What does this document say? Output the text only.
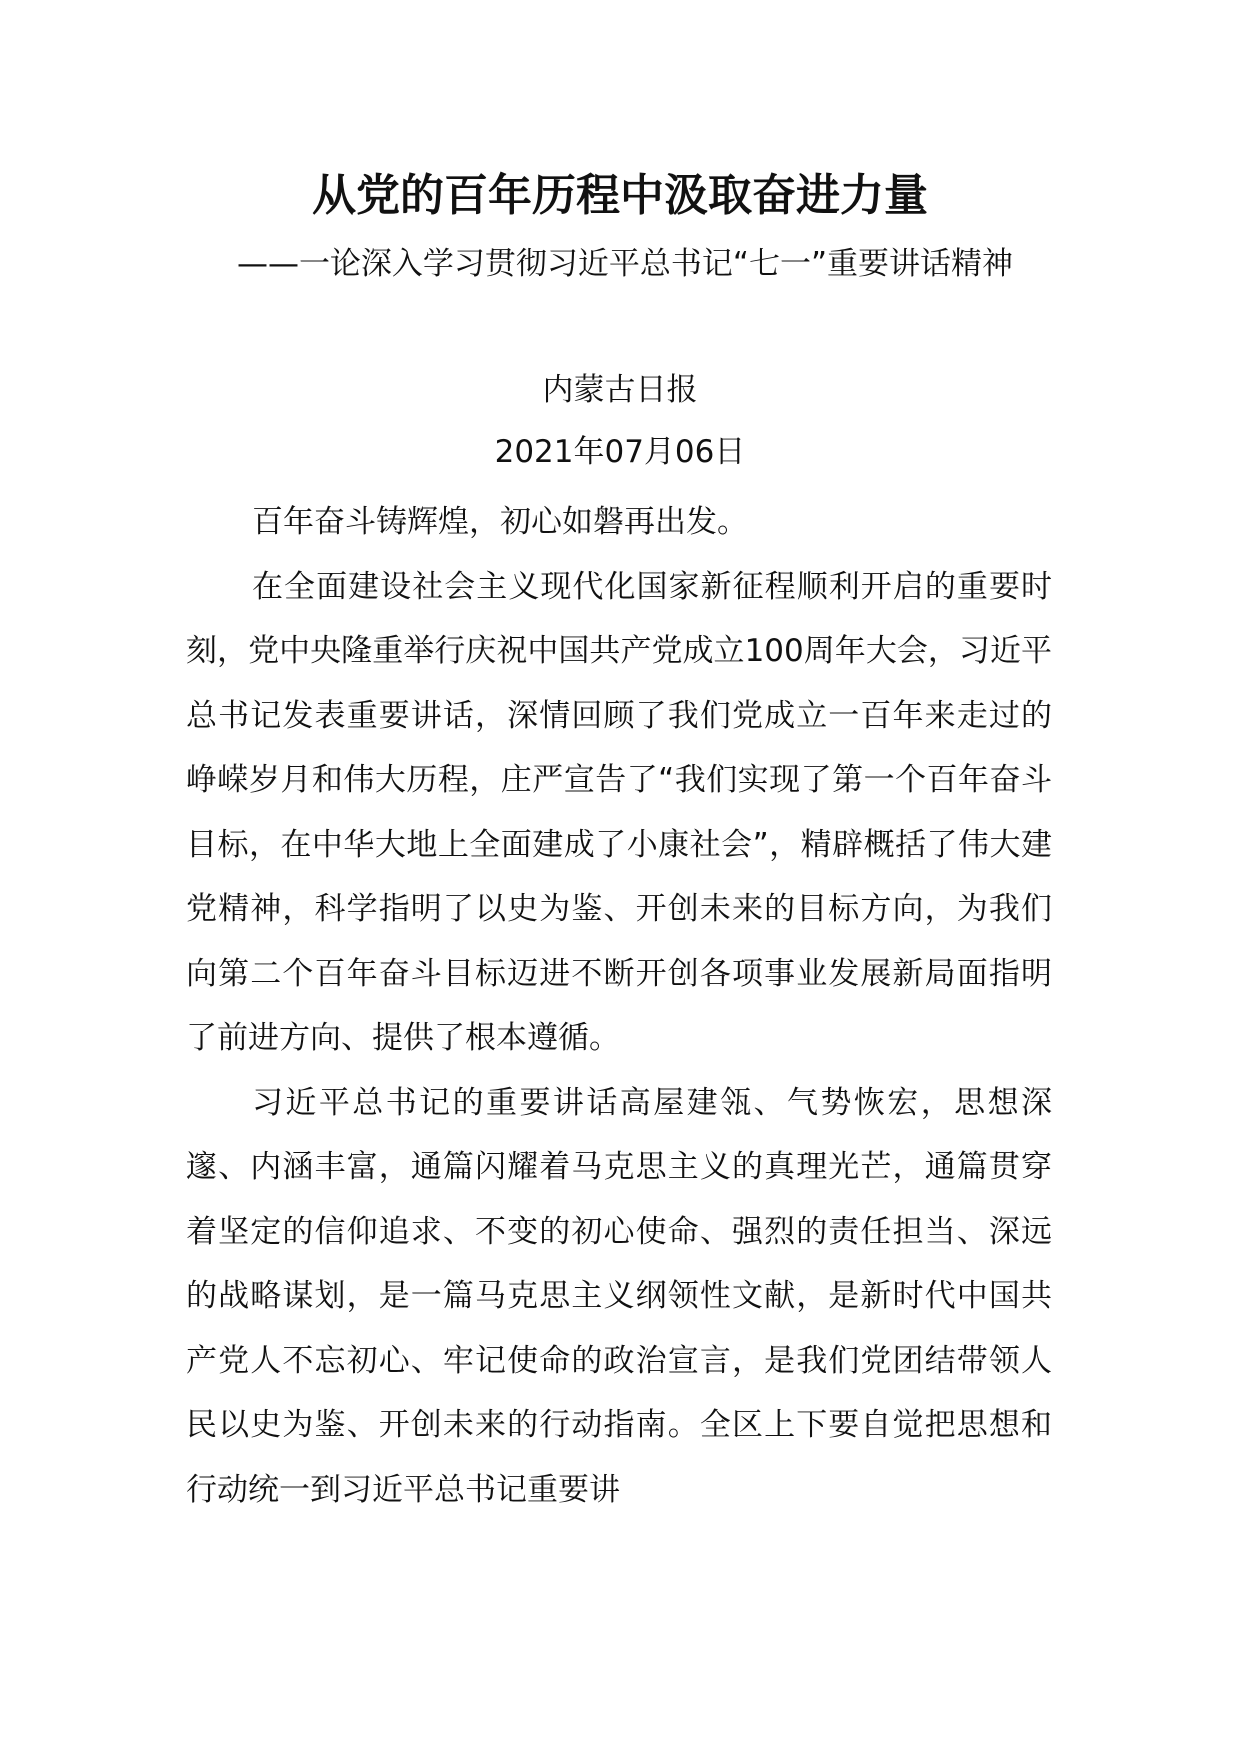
从党的百年历程中汲取奋进力量
——一论深入学习贯彻习近平总书记“七一”重要讲话精神
内蒙古日报
2021年07月06日

百年奋斗铸辉煌，初心如磐再出发。

在全面建设社会主义现代化国家新征程顺利开启的重要时刻，党中央隆重举行庆祝中国共产党成立100周年大会，习近平总书记发表重要讲话，深情回顾了我们党成立一百年来走过的峥嵘岁月和伟大历程，庄严宣告了“我们实现了第一个百年奋斗目标，在中华大地上全面建成了小康社会”，精辟概括了伟大建党精神，科学指明了以史为鉴、开创未来的目标方向，为我们向第二个百年奋斗目标迈进不断开创各项事业发展新局面指明了前进方向、提供了根本遵循。

习近平总书记的重要讲话高屋建瓴、气势恢宏，思想深邃、内涵丰富，通篇闪耀着马克思主义的真理光芒，通篇贯穿着坚定的信仰追求、不变的初心使命、强烈的责任担当、深远的战略谋划，是一篇马克思主义纲领性文献，是新时代中国共产党人不忘初心、牢记使命的政治宣言，是我们党团结带领人民以史为鉴、开创未来的行动指南。全区上下要自觉把思想和行动统一到习近平总书记重要讲
